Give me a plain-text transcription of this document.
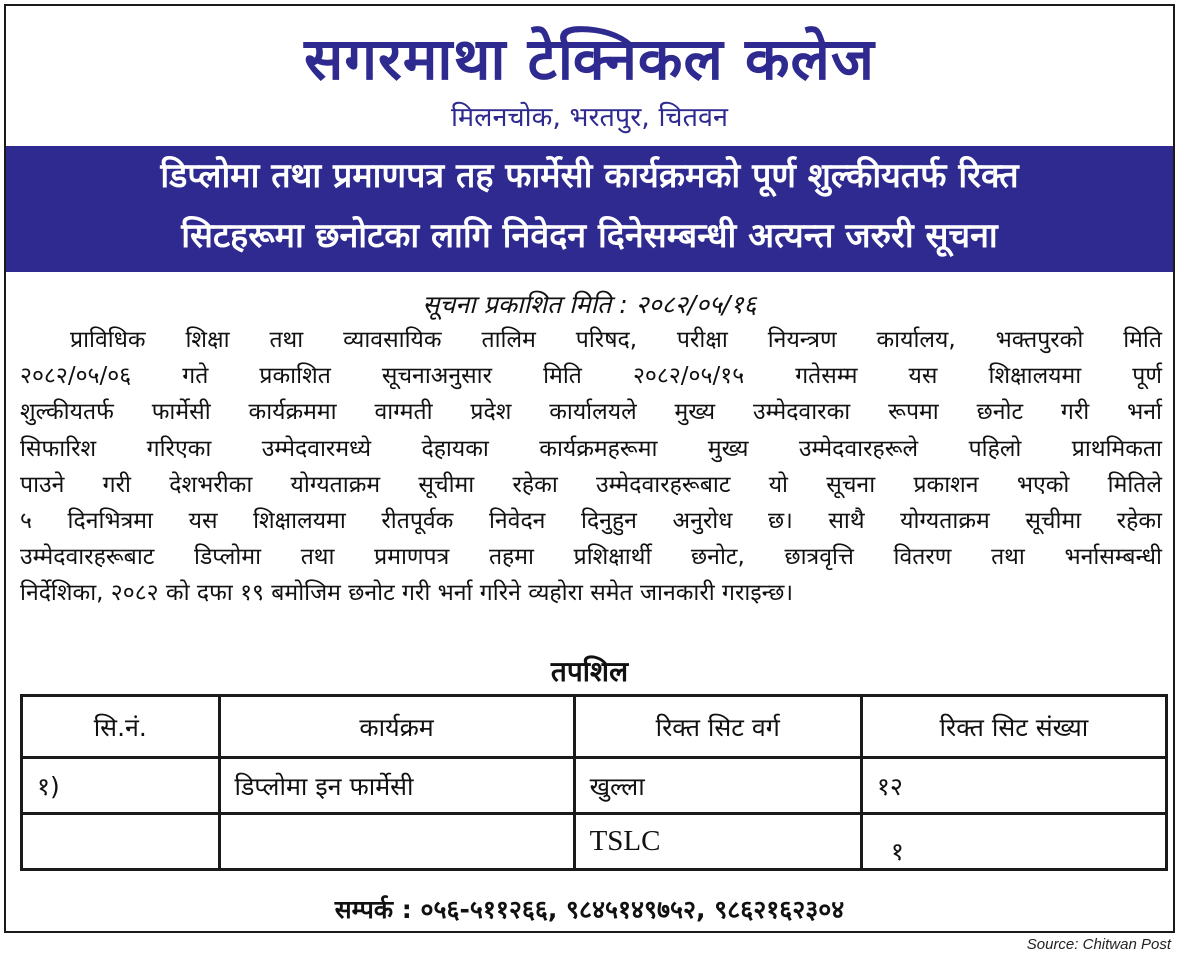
सगरमाथा टेक्निकल कलेज
मिलनचोक, भरतपुर, चितवन
डिप्लोमा तथा प्रमाणपत्र तह फार्मेसी कार्यक्रमको पूर्ण शुल्कीयतर्फ रिक्त
सिटहरूमा छनोटका लागि निवेदन दिनेसम्बन्धी अत्यन्त जरुरी सूचना
सूचना प्रकाशित मिति : २०८२/०५/१६
प्राविधिक शिक्षा तथा व्यावसायिक तालिम परिषद, परीक्षा नियन्त्रण कार्यालय, भक्तपुरको मिति
२०८२/०५/०६ गते प्रकाशित सूचनाअनुसार मिति २०८२/०५/१५ गतेसम्म यस शिक्षालयमा पूर्ण
शुल्कीयतर्फ फार्मेसी कार्यक्रममा वाग्मती प्रदेश कार्यालयले मुख्य उम्मेदवारका रूपमा छनोट गरी भर्ना
सिफारिश गरिएका उम्मेदवारमध्ये देहायका कार्यक्रमहरूमा मुख्य उम्मेदवारहरूले पहिलो प्राथमिकता
पाउने गरी देशभरीका योग्यताक्रम सूचीमा रहेका उम्मेदवारहरूबाट यो सूचना प्रकाशन भएको मितिले
५ दिनभित्रमा यस शिक्षालयमा रीतपूर्वक निवेदन दिनुहुन अनुरोध छ। साथै योग्यताक्रम सूचीमा रहेका
उम्मेदवारहरूबाट डिप्लोमा तथा प्रमाणपत्र तहमा प्रशिक्षार्थी छनोट, छात्रवृत्ति वितरण तथा भर्नासम्बन्धी
निर्देशिका, २०८२ को दफा १९ बमोजिम छनोट गरी भर्ना गरिने व्यहोरा समेत जानकारी गराइन्छ।
तपशिल
सि.नं.	कार्यक्रम	रिक्त सिट वर्ग	रिक्त सिट संख्या
१)	डिप्लोमा इन फार्मेसी	खुल्ला	१२
		TSLC	१
सम्पर्क : ०५६-५११२६६, ९८४५१४९७५२, ९८६२१६२३०४
Source: Chitwan Post
